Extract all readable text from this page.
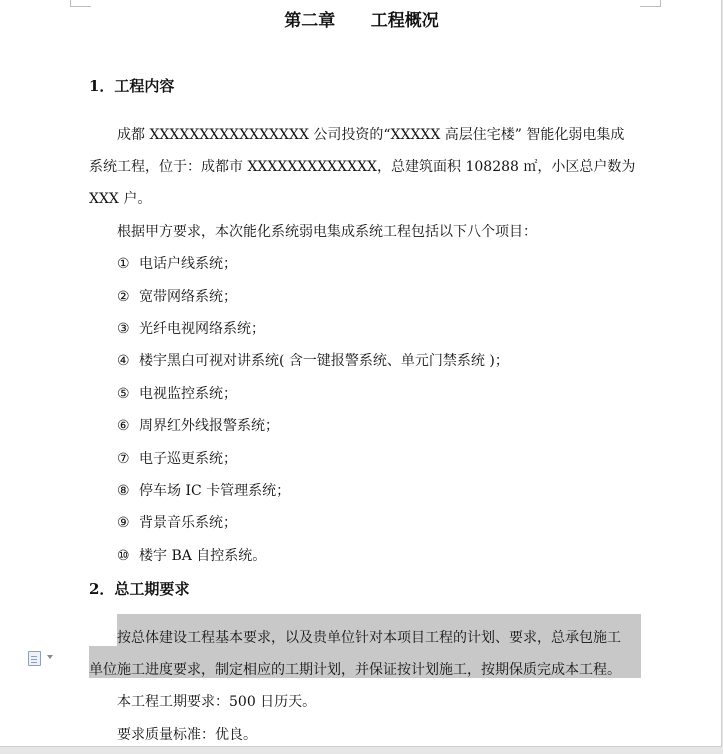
第二章      工程概况
1．工程内容
成都 XXXXXXXXXXXXXXXX 公司投资的“XXXXX 高层住宅楼” 智能化弱电集成
系统工程，位于：成都市 XXXXXXXXXXXXX，总建筑面积 108288 ㎡，小区总户数为
XXX 户。
根据甲方要求，本次能化系统弱电集成系统工程包括以下八个项目：
① 电话户线系统；
② 宽带网络系统；
③ 光纤电视网络系统；
④ 楼宇黑白可视对讲系统( 含一键报警系统、单元门禁系统 )；
⑤ 电视监控系统；
⑥ 周界红外线报警系统；
⑦ 电子巡更系统；
⑧ 停车场 IC 卡管理系统；
⑨ 背景音乐系统；
⑩ 楼宇 BA 自控系统。
2．总工期要求
按总体建设工程基本要求，以及贵单位针对本项目工程的计划、要求，总承包施工
单位施工进度要求，制定相应的工期计划，并保证按计划施工，按期保质完成本工程。
本工程工期要求：500 日历天。
要求质量标准：优良。
